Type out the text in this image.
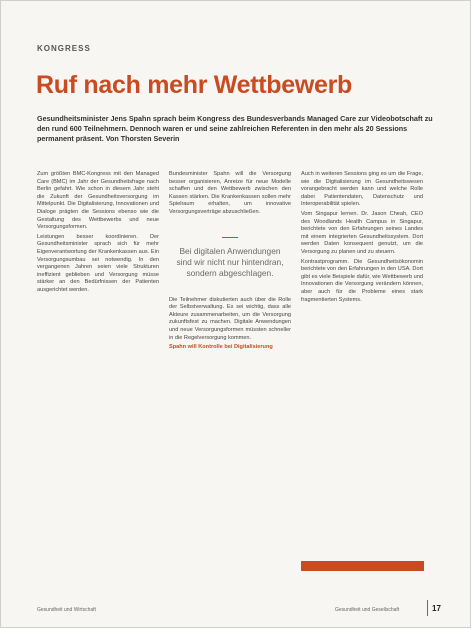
KONGRESS
Ruf nach mehr Wettbewerb
Gesundheitsminister Jens Spahn sprach beim Kongress des Bundesverbands Managed Care zur Videobotschaft zu den rund 600 Teilnehmern. Dennoch waren er und seine zahlreichen Referenten in den mehr als 20 Sessions permanent präsent. Von Thorsten Severin

Zum größten BMC-Kongress mit den Managed Care (BMC) im Jahr der Gesundheitsfrage nach Berlin gefahrt. Wie schon in diesem Jahr steht die Zukunft der Gesundheitsversorgung im Mittelpunkt. Die Digitalisierung, Innovationen und Dialoge prägten die Sessions ebenso wie die Gestaltung des Wettbewerbs und neue Versorgungsformen.

Leistungen besser koordinieren. Der Gesundheitsminister sprach sich für mehr Eigenverantwortung der Krankenkassen aus. Ein Versorgungsumbau sei notwendig. In den vergangenen Jahren seien viele Strukturen ineffizient geblieben und Versorgung müsse stärker an den Bedürfnissen der Patienten ausgerichtet werden.

Bundesminister Spahn will die Versorgung besser organisieren, Anreize für neue Modelle schaffen und den Wettbewerb zwischen den Kassen stärken. Die Krankenkassen sollen mehr Spielraum erhalten, um innovative Versorgungsverträge abzuschließen.

Bei digitalen Anwendungen sind wir nicht nur hintendran, sondern abgeschlagen.

Die Teilnehmer diskutierten auch über die Rolle der Selbstverwaltung. Es sei wichtig, dass alle Akteure zusammenarbeiten, um die Versorgung zukunftsfest zu machen. Digitale Anwendungen und neue Versorgungsformen müssten schneller in die Regelversorgung kommen.

Spahn will Kontrolle bei Digitalisierung

Auch in weiteren Sessions ging es um die Frage, wie die Digitalisierung im Gesundheitswesen vorangebracht werden kann und welche Rolle dabei Patientendaten, Datenschutz und Interoperabilität spielen.

Vom Singapur lernen. Dr. Jason Cheah, CEO des Woodlands Health Campus in Singapur, berichtete von den Erfahrungen seines Landes mit einem integrierten Gesundheitssystem. Dort werden Daten konsequent genutzt, um die Versorgung zu planen und zu steuern.

Kontrastprogramm. Die Gesundheitsökonomin berichtete von den Erfahrungen in den USA. Dort gibt es viele Beispiele dafür, wie Wettbewerb und Innovationen die Versorgung verändern können, aber auch für die Probleme eines stark fragmentierten Systems.

Gesundheit und Wirtschaft	Gesundheit und Gesellschaft	17
